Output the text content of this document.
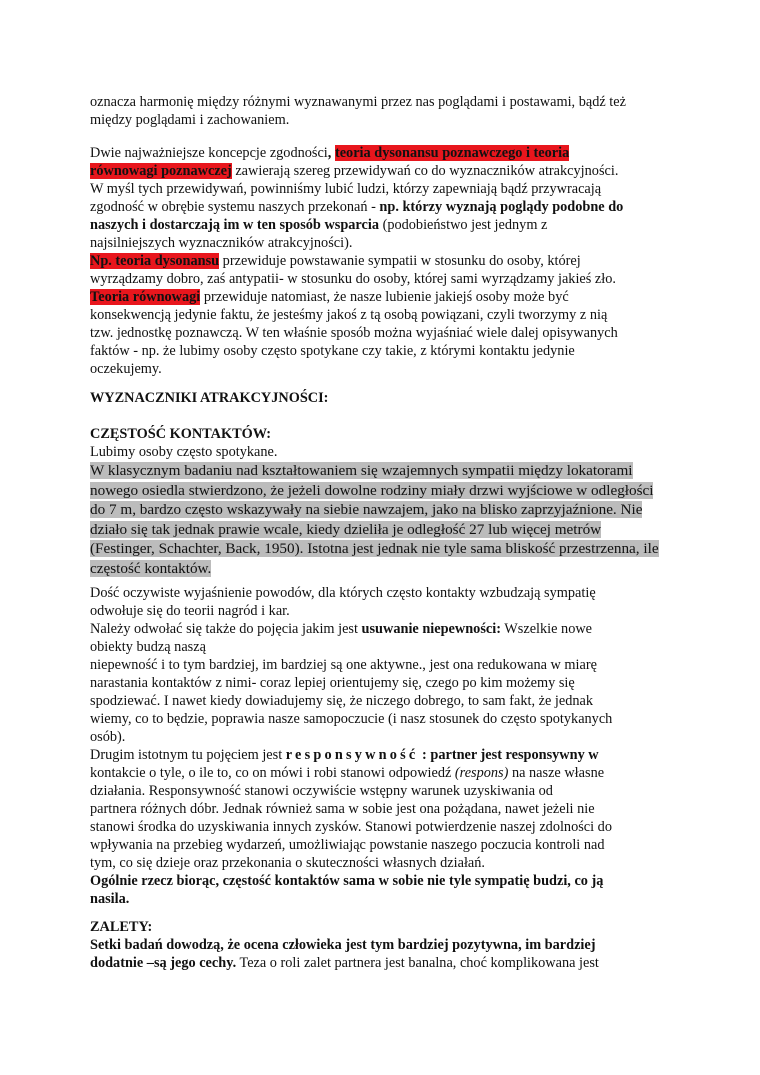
oznacza harmonię między różnymi wyznawanymi przez nas poglądami i postawami, bądź też
między poglądami i zachowaniem.
Dwie najważniejsze koncepcje zgodności, teoria dysonansu poznawczego i teoria
równowagi poznawczej zawierają szereg przewidywań co do wyznaczników atrakcyjności.
W myśl tych przewidywań, powinniśmy lubić ludzi, którzy zapewniają bądź przywracają
zgodność w obrębie systemu naszych przekonań - np. którzy wyznają poglądy podobne do
naszych i dostarczają im w ten sposób wsparcia (podobieństwo jest jednym z
najsilniejszych wyznaczników atrakcyjności).
Np. teoria dysonansu przewiduje powstawanie sympatii w stosunku do osoby, której
wyrządzamy dobro, zaś antypatii- w stosunku do osoby, której sami wyrządzamy jakieś zło.
Teoria równowagi przewiduje natomiast, że nasze lubienie jakiejś osoby może być
konsekwencją jedynie faktu, że jesteśmy jakoś z tą osobą powiązani, czyli tworzymy z nią
tzw. jednostkę poznawczą. W ten właśnie sposób można wyjaśniać wiele dalej opisywanych
faktów - np. że lubimy osoby często spotykane czy takie, z którymi kontaktu jedynie
oczekujemy.
WYZNACZNIKI ATRAKCYJNOŚCI:
CZĘSTOŚĆ KONTAKTÓW:
Lubimy osoby często spotykane.
W klasycznym badaniu nad kształtowaniem się wzajemnych sympatii między lokatorami
nowego osiedla stwierdzono, że jeżeli dowolne rodziny miały drzwi wyjściowe w odległości
do 7 m, bardzo często wskazywały na siebie nawzajem, jako na blisko zaprzyjaźnione. Nie
działo się tak jednak prawie wcale, kiedy dzieliła je odległość 27 lub więcej metrów
(Festinger, Schachter, Back, 1950). Istotna jest jednak nie tyle sama bliskość przestrzenna, ile
częstość kontaktów.
Dość oczywiste wyjaśnienie powodów, dla których często kontakty wzbudzają sympatię
odwołuje się do teorii nagród i kar.
Należy odwołać się także do pojęcia jakim jest usuwanie niepewności: Wszelkie nowe
obiekty budzą naszą
niepewność i to tym bardziej, im bardziej są one aktywne., jest ona redukowana w miarę
narastania kontaktów z nimi- coraz lepiej orientujemy się, czego po kim możemy się
spodziewać. I nawet kiedy dowiadujemy się, że niczego dobrego, to sam fakt, że jednak
wiemy, co to będzie, poprawia nasze samopoczucie (i nasz stosunek do często spotykanych
osób).
Drugim istotnym tu pojęciem jest responsywność : partner jest responsywny w
kontakcie o tyle, o ile to, co on mówi i robi stanowi odpowiedź (respons) na nasze własne
działania. Responsywność stanowi oczywiście wstępny warunek uzyskiwania od
partnera różnych dóbr. Jednak również sama w sobie jest ona pożądana, nawet jeżeli nie
stanowi środka do uzyskiwania innych zysków. Stanowi potwierdzenie naszej zdolności do
wpływania na przebieg wydarzeń, umożliwiając powstanie naszego poczucia kontroli nad
tym, co się dzieje oraz przekonania o skuteczności własnych działań.
Ogólnie rzecz biorąc, częstość kontaktów sama w sobie nie tyle sympatię budzi, co ją
nasila.
ZALETY:
Setki badań dowodzą, że ocena człowieka jest tym bardziej pozytywna, im bardziej
dodatnie –są jego cechy. Teza o roli zalet partnera jest banalna, choć komplikowana jest
